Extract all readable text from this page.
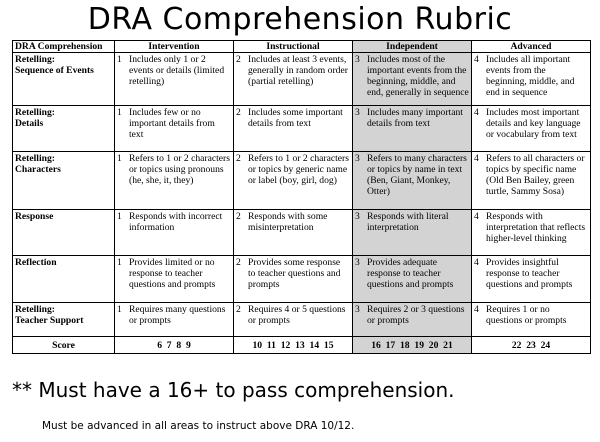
DRA Comprehension Rubric
DRA Comprehension	Intervention	Instructional	Independent	Advanced
Retelling:
Sequence of Events	1 Includes only 1 or 2 events or details (limited retelling)	2 Includes at least 3 events, generally in random order (partial retelling)	3 Includes most of the important events from the beginning, middle, and end, generally in sequence	4 Includes all important events from the beginning, middle, and end in sequence

Retelling:
Details	1 Includes few or no important details from text	2 Includes some important details from text	3 Includes many important details from text	4 Includes most important details and key language or vocabulary from text

Retelling:
Characters	1 Refers to 1 or 2 characters or topics using pronouns (he, she, it, they)	2 Refers to 1 or 2 characters or topics by generic name or label (boy, girl, dog)	3 Refers to many characters or topics by name in text (Ben, Giant, Monkey, Otter)	4 Refers to all characters or topics by specific name (Old Ben Bailey, green turtle, Sammy Sosa)

Response	1 Responds with incorrect information	2 Responds with some misinterpretation	3 Responds with literal interpretation	4 Responds with interpretation that reflects higher-level thinking

Reflection	1 Provides limited or no response to teacher questions and prompts	2 Provides some response to teacher questions and prompts	3 Provides adequate response to teacher questions and prompts	4 Provides insightful response to teacher questions and prompts

Retelling:
Teacher Support	1 Requires many questions or prompts	2 Requires 4 or 5 questions or prompts	3 Requires 2 or 3 questions or prompts	4 Requires 1 or no questions or prompts

Score	6  7  8  9	10  11  12  13  14  15	16  17  18  19  20  21	22  23  24
** Must have a 16+ to pass comprehension.
Must be advanced in all areas to instruct above DRA 10/12.
